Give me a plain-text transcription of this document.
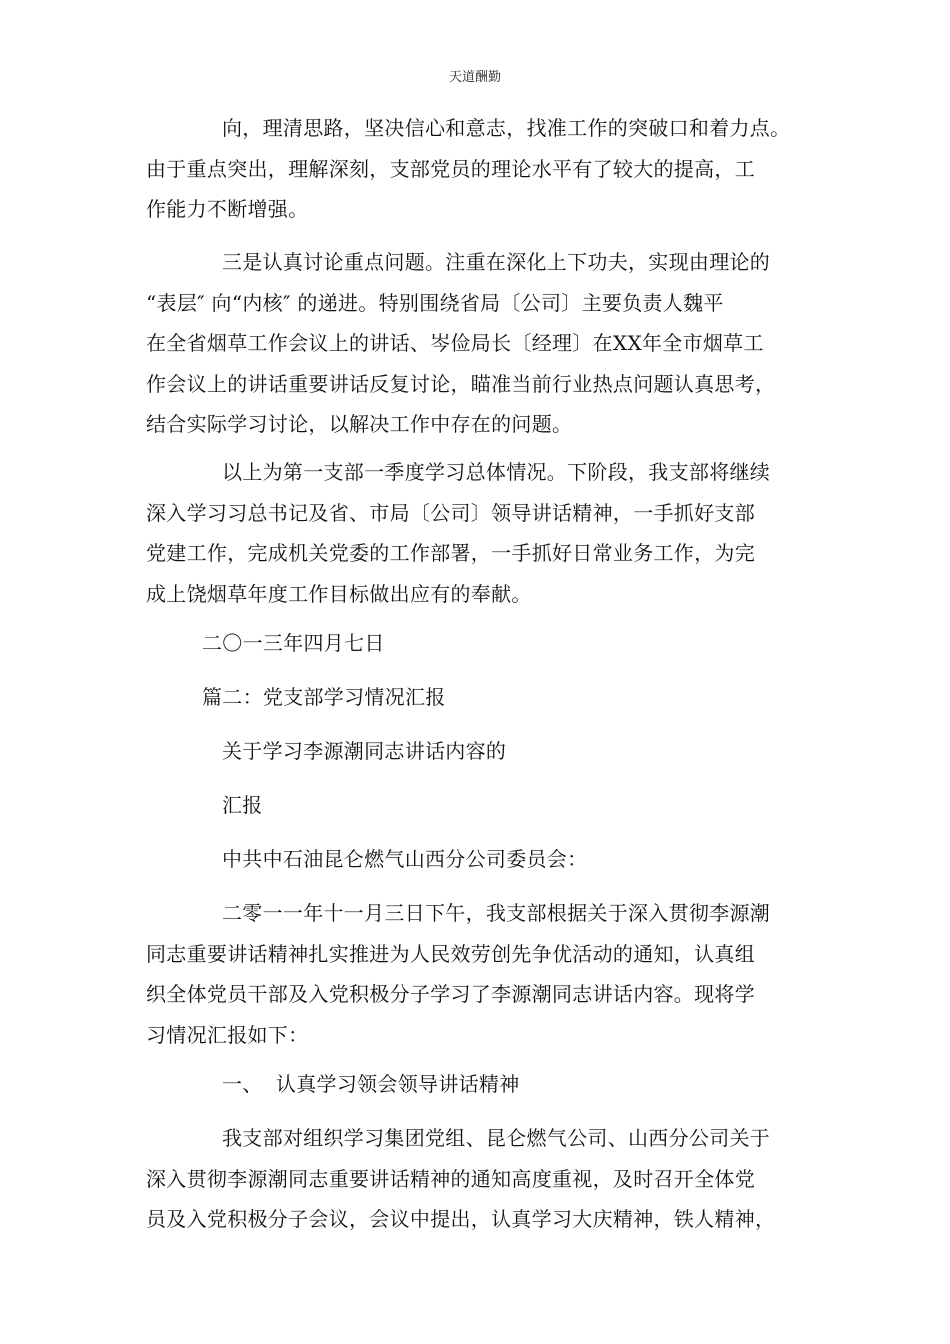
天道酬勤
向，理清思路，坚决信心和意志，找准工作的突破口和着力点。
由于重点突出，理解深刻，支部党员的理论水平有了较大的提高，工
作能力不断增强。
三是认真讨论重点问题。注重在深化上下功夫，实现由理论的
“表层″ 向“内核″ 的递进。特别围绕省局〔公司〕主要负责人魏平
在全省烟草工作会议上的讲话、岑俭局长〔经理〕在XX年全市烟草工
作会议上的讲话重要讲话反复讨论，瞄准当前行业热点问题认真思考，
结合实际学习讨论，以解决工作中存在的问题。
以上为第一支部一季度学习总体情况。下阶段，我支部将继续
深入学习习总书记及省、市局〔公司〕领导讲话精神，一手抓好支部
党建工作，完成机关党委的工作部署，一手抓好日常业务工作，为完
成上饶烟草年度工作目标做出应有的奉献。
二〇一三年四月七日
篇二：党支部学习情况汇报
关于学习李源潮同志讲话内容的
汇报
中共中石油昆仑燃气山西分公司委员会：
二零一一年十一月三日下午，我支部根据关于深入贯彻李源潮
同志重要讲话精神扎实推进为人民效劳创先争优活动的通知，认真组
织全体党员干部及入党积极分子学习了李源潮同志讲话内容。现将学
习情况汇报如下：
一、  认真学习领会领导讲话精神
我支部对组织学习集团党组、昆仑燃气公司、山西分公司关于
深入贯彻李源潮同志重要讲话精神的通知高度重视，及时召开全体党
员及入党积极分子会议，会议中提出，认真学习大庆精神，铁人精神，
